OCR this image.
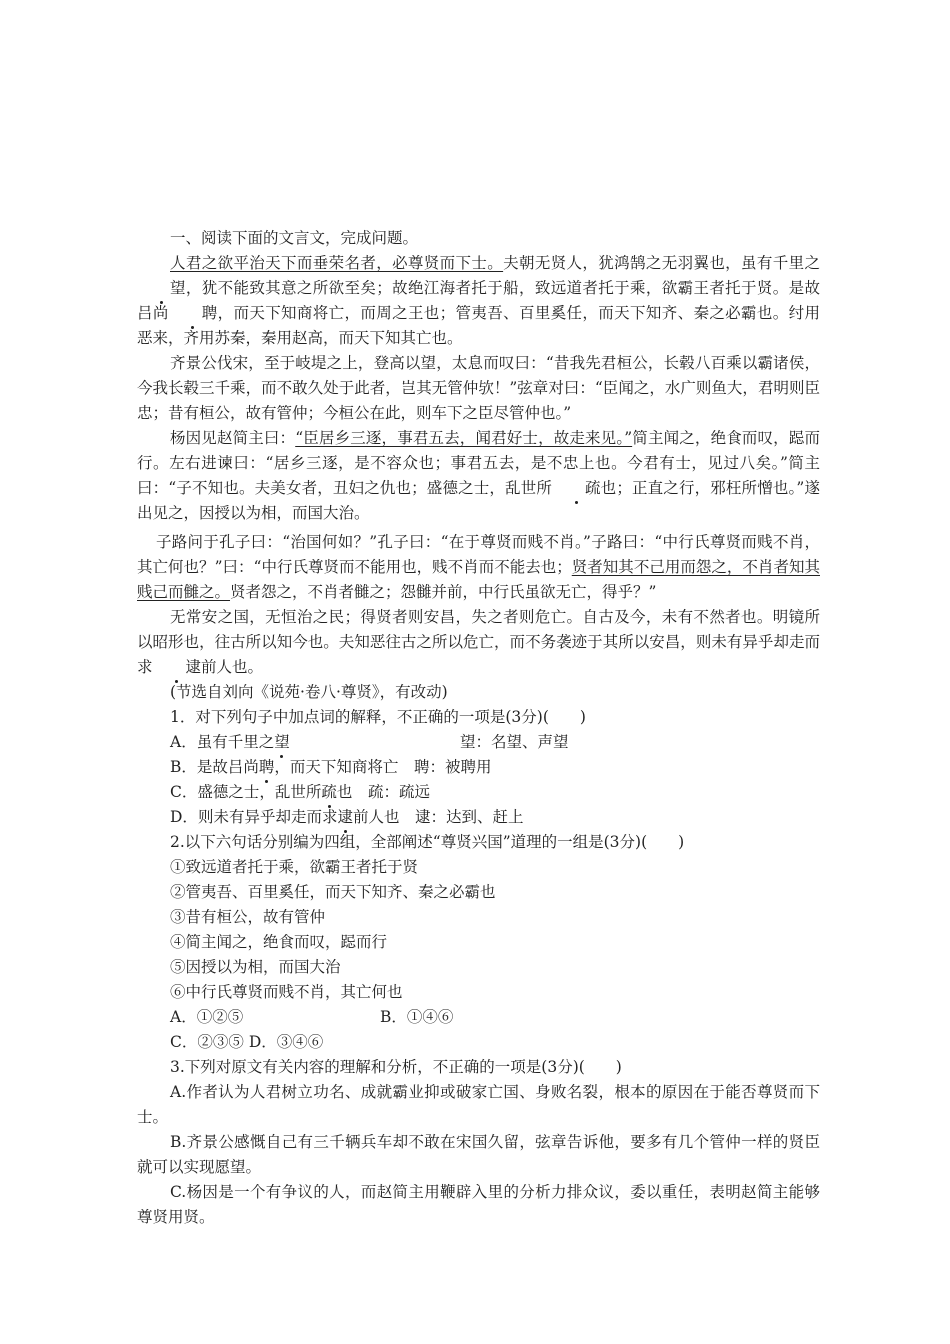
一、阅读下面的文言文，完成问题。

人君之欲平治天下而垂荣名者，必尊贤而下士。夫朝无贤人，犹鸿鹄之无羽翼也，虽有千里之望，犹不能致其意之所欲至矣；故绝江海者托于船，致远道者托于乘，欲霸王者托于贤。是故吕尚 聘，而天下知商将亡，而周之王也；管夷吾、百里奚任，而天下知齐、秦之必霸也。纣用恶来，齐用苏秦，秦用赵高，而天下知其亡也。

齐景公伐宋，至于岐堤之上，登高以望，太息而叹曰：“昔我先君桓公，长毂八百乘以霸诸侯，今我长毂三千乘，而不敢久处于此者，岂其无管仲欤！”弦章对曰：“臣闻之，水广则鱼大，君明则臣忠；昔有桓公，故有管仲；今桓公在此，则车下之臣尽管仲也。”

杨因见赵简主曰：“臣居乡三逐，事君五去，闻君好士，故走来见。”简主闻之，绝食而叹，跽而行。左右进谏曰：“居乡三逐，是不容众也；事君五去，是不忠上也。今君有士，见过八矣。”简主曰：“子不知也。夫美女者，丑妇之仇也；盛德之士，乱世所 疏也；正直之行，邪枉所憎也。”遂出见之，因授以为相，而国大治。

子路问于孔子曰：“治国何如？”孔子曰：“在于尊贤而贱不肖。”子路曰：“中行氏尊贤而贱不肖，其亡何也？”曰：“中行氏尊贤而不能用也，贱不肖而不能去也；贤者知其不己用而怨之，不肖者知其贱己而雠之。贤者怨之，不肖者雠之；怨雠并前，中行氏虽欲无亡，得乎？”

无常安之国，无恒治之民；得贤者则安昌，失之者则危亡。自古及今，未有不然者也。明镜所以昭形也，往古所以知今也。夫知恶往古之所以危亡，而不务袭迹于其所以安昌，则未有异乎却走而求 逮前人也。

(节选自刘向《说苑·卷八·尊贤》，有改动)

1．对下列句子中加点词的解释，不正确的一项是(3分)(　　)

A．虽有千里之望	望：名望、声望

B．是故吕尚聘，而天下知商将亡　 聘：被聘用

C．盛德之士，乱世所疏也　 疏：疏远

D．则未有异乎却走而求逮前人也　 逮：达到、赶上

2.以下六句话分别编为四组，全部阐述“尊贤兴国”道理的一组是(3分)(　　)

①致远道者托于乘，欲霸王者托于贤

②管夷吾、百里奚任，而天下知齐、秦之必霸也

③昔有桓公，故有管仲

④简主闻之，绝食而叹，跽而行

⑤因授以为相，而国大治

⑥中行氏尊贤而贱不肖，其亡何也

A．①②⑤	B．①④⑥

C．②③⑤ D．③④⑥

3.下列对原文有关内容的理解和分析，不正确的一项是(3分)(　　)

A.作者认为人君树立功名、成就霸业抑或破家亡国、身败名裂，根本的原因在于能否尊贤而下士。

B.齐景公感慨自己有三千辆兵车却不敢在宋国久留，弦章告诉他，要多有几个管仲一样的贤臣就可以实现愿望。

C.杨因是一个有争议的人，而赵简主用鞭辟入里的分析力排众议，委以重任，表明赵简主能够尊贤用贤。
